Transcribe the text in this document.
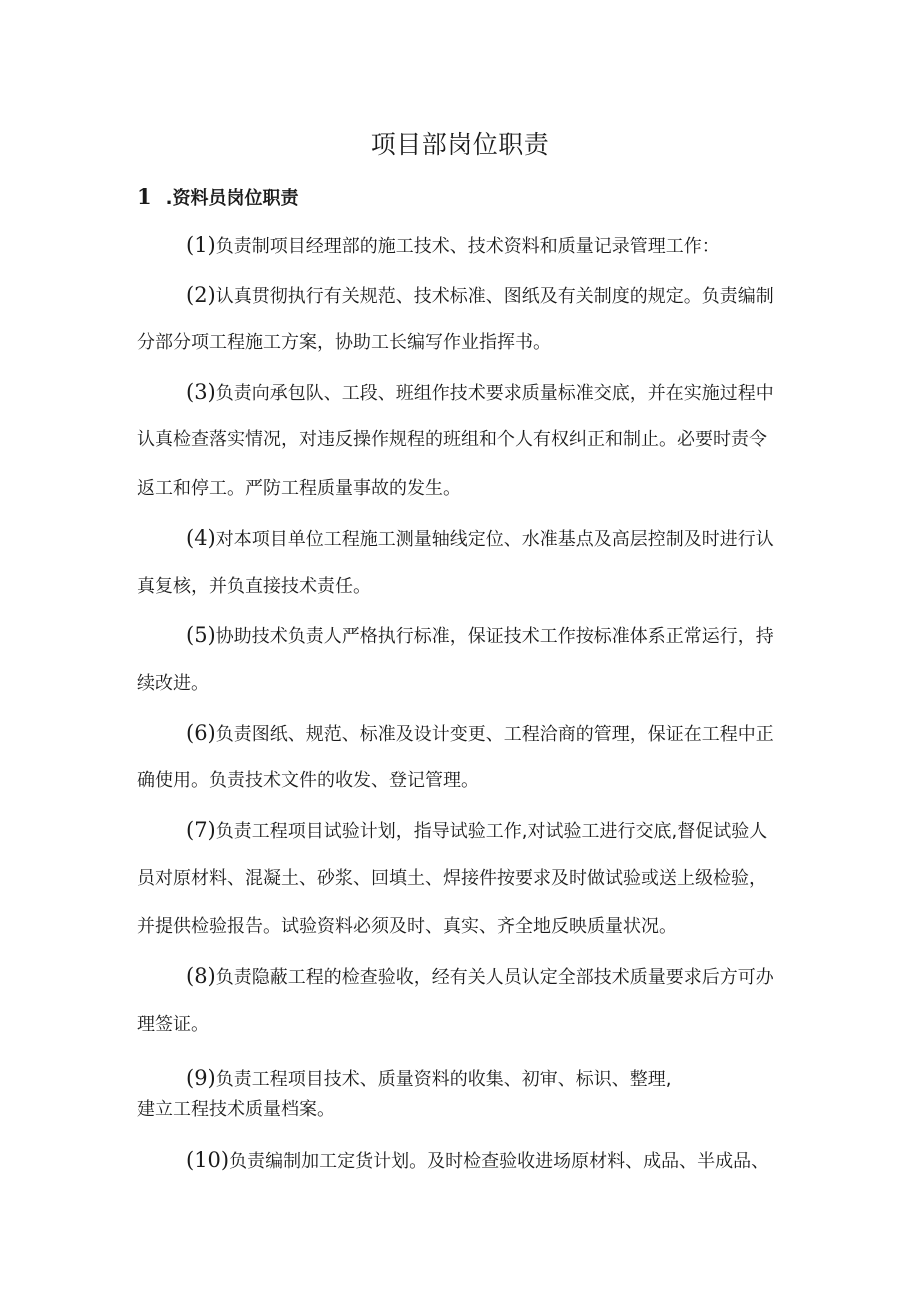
项目部岗位职责
1 .资料员岗位职责
(1)负责制项目经理部的施工技术、技术资料和质量记录管理工作：
(2)认真贯彻执行有关规范、技术标准、图纸及有关制度的规定。负责编制
分部分项工程施工方案，协助工长编写作业指挥书。
(3)负责向承包队、工段、班组作技术要求质量标准交底，并在实施过程中
认真检查落实情况，对违反操作规程的班组和个人有权纠正和制止。必要时责令
返工和停工。严防工程质量事故的发生。
(4)对本项目单位工程施工测量轴线定位、水准基点及高层控制及时进行认
真复核，并负直接技术责任。
(5)协助技术负责人严格执行标准，保证技术工作按标准体系正常运行，持
续改进。
(6)负责图纸、规范、标准及设计变更、工程洽商的管理，保证在工程中正
确使用。负责技术文件的收发、登记管理。
(7)负责工程项目试验计划，指导试验工作,对试验工进行交底,督促试验人
员对原材料、混凝土、砂浆、回填土、焊接件按要求及时做试验或送上级检验，
并提供检验报告。试验资料必须及时、真实、齐全地反映质量状况。
(8)负责隐蔽工程的检查验收，经有关人员认定全部技术质量要求后方可办
理签证。
(9)负责工程项目技术、质量资料的收集、初审、标识、整理,
建立工程技术质量档案。
(10)负责编制加工定货计划。及时检查验收进场原材料、成品、半成品、
